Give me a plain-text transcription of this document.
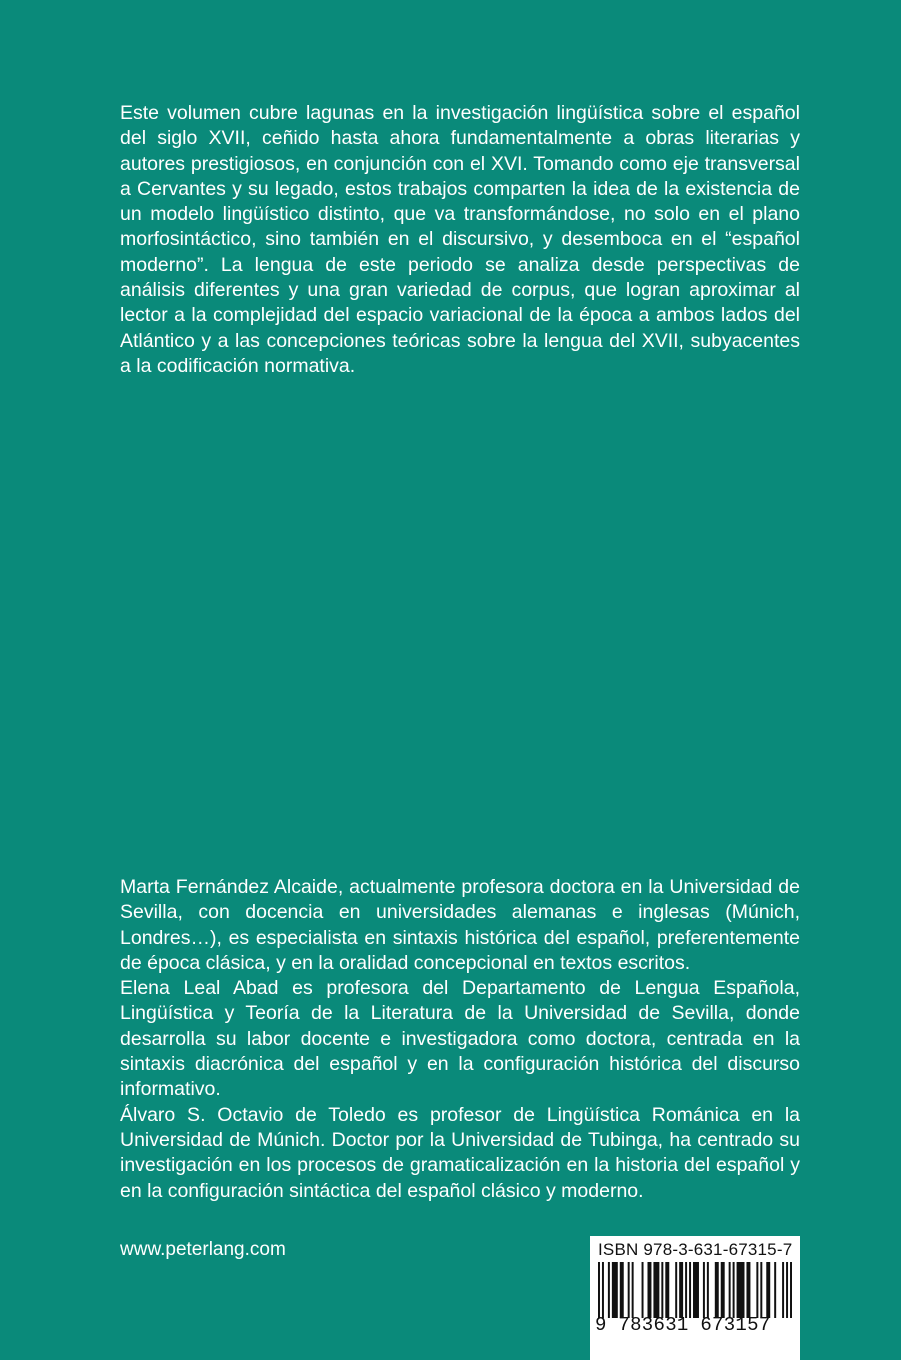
Este volumen cubre lagunas en la investigación lingüística sobre el español del siglo XVII, ceñido hasta ahora fundamentalmente a obras literarias y autores prestigiosos, en conjunción con el XVI. Tomando como eje transversal a Cervantes y su legado, estos trabajos comparten la idea de la existencia de un modelo lingüístico distinto, que va transformándose, no solo en el plano morfosintáctico, sino también en el discursivo, y desemboca en el “español moderno”. La lengua de este periodo se analiza desde perspectivas de análisis diferentes y una gran variedad de corpus, que logran aproximar al lector a la complejidad del espacio variacional de la época a ambos lados del Atlántico y a las concepciones teóricas sobre la lengua del XVII, subyacentes a la codificación normativa.

Marta Fernández Alcaide, actualmente profesora doctora en la Universidad de Sevilla, con docencia en universidades alemanas e inglesas (Múnich, Londres…), es especialista en sintaxis histórica del español, preferentemente de época clásica, y en la oralidad concepcional en textos escritos.

Elena Leal Abad es profesora del Departamento de Lengua Española, Lingüística y Teoría de la Literatura de la Universidad de Sevilla, donde desarrolla su labor docente e investigadora como doctora, centrada en la sintaxis diacrónica del español y en la configuración histórica del discurso informativo.

Álvaro S. Octavio de Toledo es profesor de Lingüística Románica en la Universidad de Múnich. Doctor por la Universidad de Tubinga, ha centrado su investigación en los procesos de gramaticalización en la historia del español y en la configuración sintáctica del español clásico y moderno.

www.peterlang.com	ISBN 978-3-631-67315-7
9 783631 673157
